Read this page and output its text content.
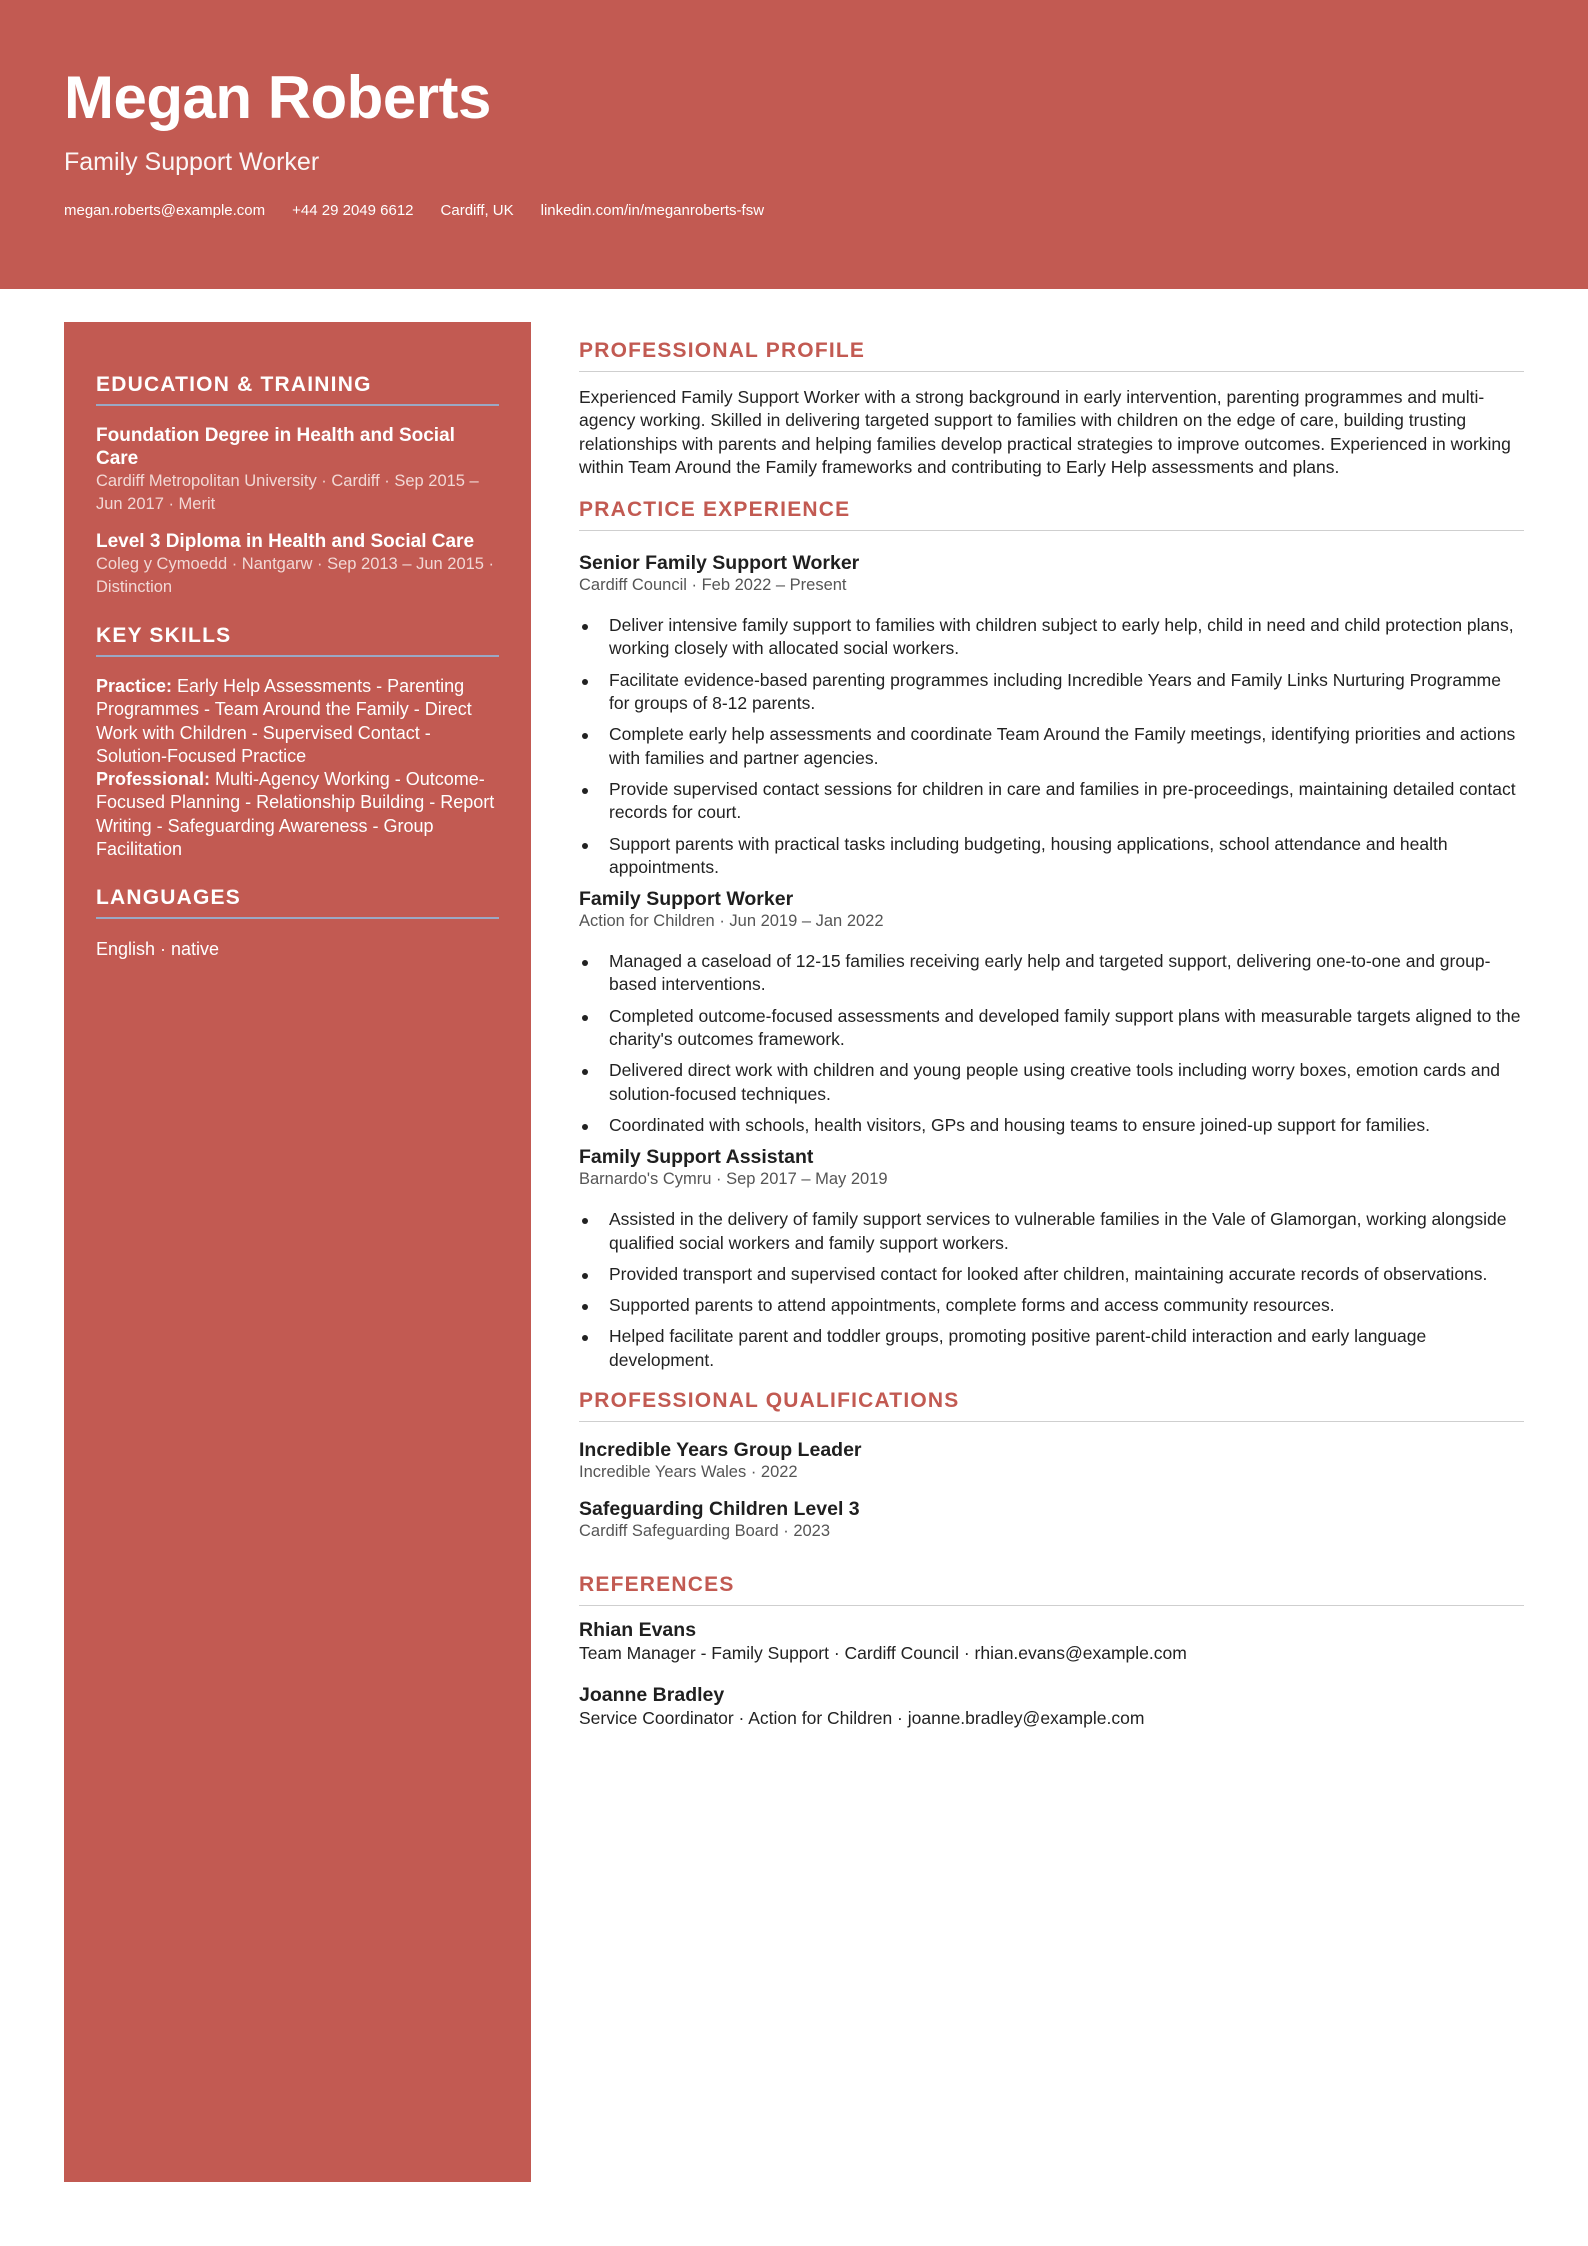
Megan Roberts
Family Support Worker
megan.roberts@example.com +44 29 2049 6612 Cardiff, UK linkedin.com/in/meganroberts-fsw
EDUCATION & TRAINING
Foundation Degree in Health and Social Care
Cardiff Metropolitan University · Cardiff · Sep 2015 – Jun 2017 · Merit
Level 3 Diploma in Health and Social Care
Coleg y Cymoedd · Nantgarw · Sep 2013 – Jun 2015 · Distinction
KEY SKILLS
Practice: Early Help Assessments - Parenting Programmes - Team Around the Family - Direct Work with Children - Supervised Contact - Solution-Focused Practice
Professional: Multi-Agency Working - Outcome-Focused Planning - Relationship Building - Report Writing - Safeguarding Awareness - Group Facilitation
LANGUAGES
English · native
PROFESSIONAL PROFILE
Experienced Family Support Worker with a strong background in early intervention, parenting programmes and multi-agency working. Skilled in delivering targeted support to families with children on the edge of care, building trusting relationships with parents and helping families develop practical strategies to improve outcomes. Experienced in working within Team Around the Family frameworks and contributing to Early Help assessments and plans.
PRACTICE EXPERIENCE
Senior Family Support Worker
Cardiff Council · Feb 2022 – Present
Deliver intensive family support to families with children subject to early help, child in need and child protection plans, working closely with allocated social workers.
Facilitate evidence-based parenting programmes including Incredible Years and Family Links Nurturing Programme for groups of 8-12 parents.
Complete early help assessments and coordinate Team Around the Family meetings, identifying priorities and actions with families and partner agencies.
Provide supervised contact sessions for children in care and families in pre-proceedings, maintaining detailed contact records for court.
Support parents with practical tasks including budgeting, housing applications, school attendance and health appointments.
Family Support Worker
Action for Children · Jun 2019 – Jan 2022
Managed a caseload of 12-15 families receiving early help and targeted support, delivering one-to-one and group-based interventions.
Completed outcome-focused assessments and developed family support plans with measurable targets aligned to the charity's outcomes framework.
Delivered direct work with children and young people using creative tools including worry boxes, emotion cards and solution-focused techniques.
Coordinated with schools, health visitors, GPs and housing teams to ensure joined-up support for families.
Family Support Assistant
Barnardo's Cymru · Sep 2017 – May 2019
Assisted in the delivery of family support services to vulnerable families in the Vale of Glamorgan, working alongside qualified social workers and family support workers.
Provided transport and supervised contact for looked after children, maintaining accurate records of observations.
Supported parents to attend appointments, complete forms and access community resources.
Helped facilitate parent and toddler groups, promoting positive parent-child interaction and early language development.
PROFESSIONAL QUALIFICATIONS
Incredible Years Group Leader
Incredible Years Wales · 2022
Safeguarding Children Level 3
Cardiff Safeguarding Board · 2023
REFERENCES
Rhian Evans
Team Manager - Family Support · Cardiff Council · rhian.evans@example.com
Joanne Bradley
Service Coordinator · Action for Children · joanne.bradley@example.com
